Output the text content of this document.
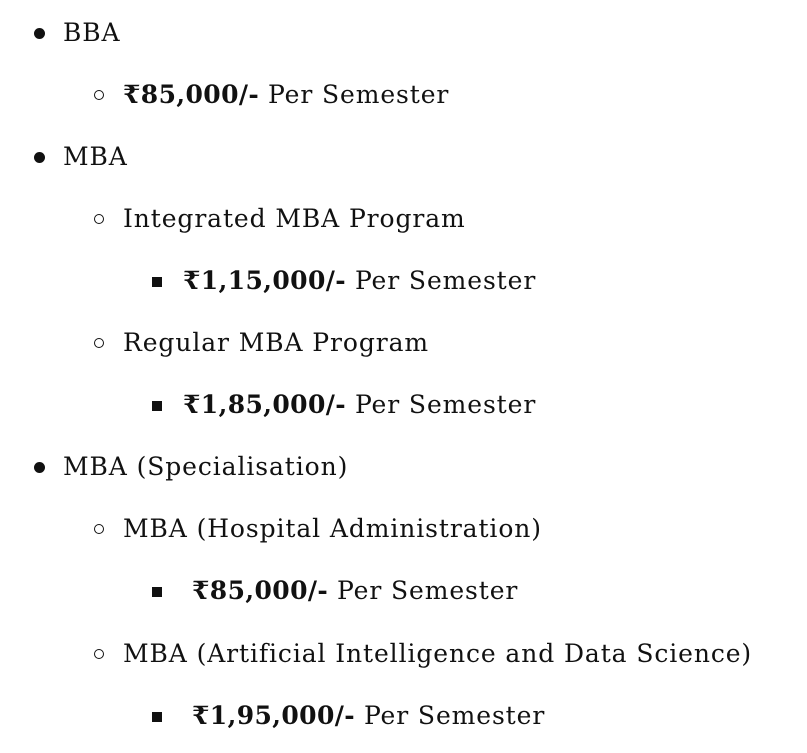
BBA
₹85,000/- Per Semester
MBA
Integrated MBA Program
₹1,15,000/- Per Semester
Regular MBA Program
₹1,85,000/- Per Semester
MBA (Specialisation)
MBA (Hospital Administration)
₹85,000/- Per Semester
MBA (Artificial Intelligence and Data Science)
₹1,95,000/- Per Semester
